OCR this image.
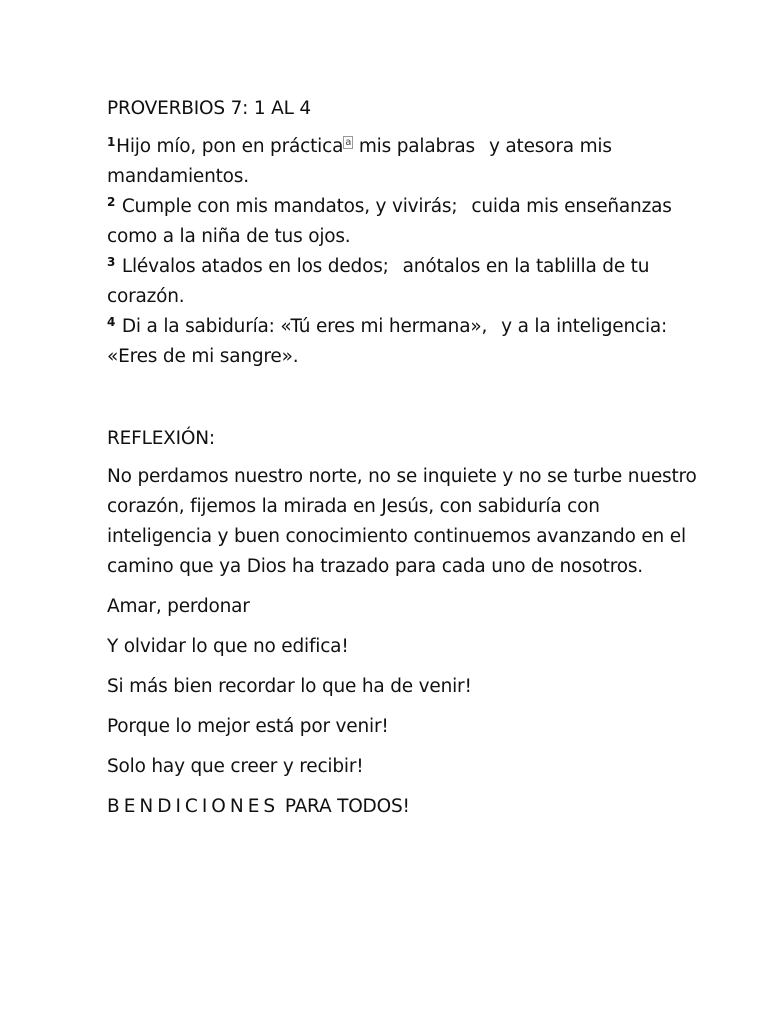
PROVERBIOS 7: 1 AL 4

$^1$Hijo mío, pon en práctica $^a$ mis palabras y atesora mis mandamientos.

$^2$ Cumple con mis mandatos, y vivirás; cuida mis enseñanzas como a la niña de tus ojos.

$^3$ Llévalos atados en los dedos; anótalos en la tablilla de tu corazón.

$^4$ Di a la sabiduría: «Tú eres mi hermana», y a la inteligencia: «Eres de mi sangre».

REFLEXIÓN:

No perdamos nuestro norte, no se inquiete y no se turbe nuestro corazón, fijemos la mirada en Jesús, con sabiduría con inteligencia y buen conocimiento continuemos avanzando en el camino que ya Dios ha trazado para cada uno de nosotros.

Amar, perdonar

Y olvidar lo que no edifica!

Si más bien recordar lo que ha de venir!

Porque lo mejor está por venir!

Solo hay que creer y recibir!

BENDICIONES PARA TODOS!
